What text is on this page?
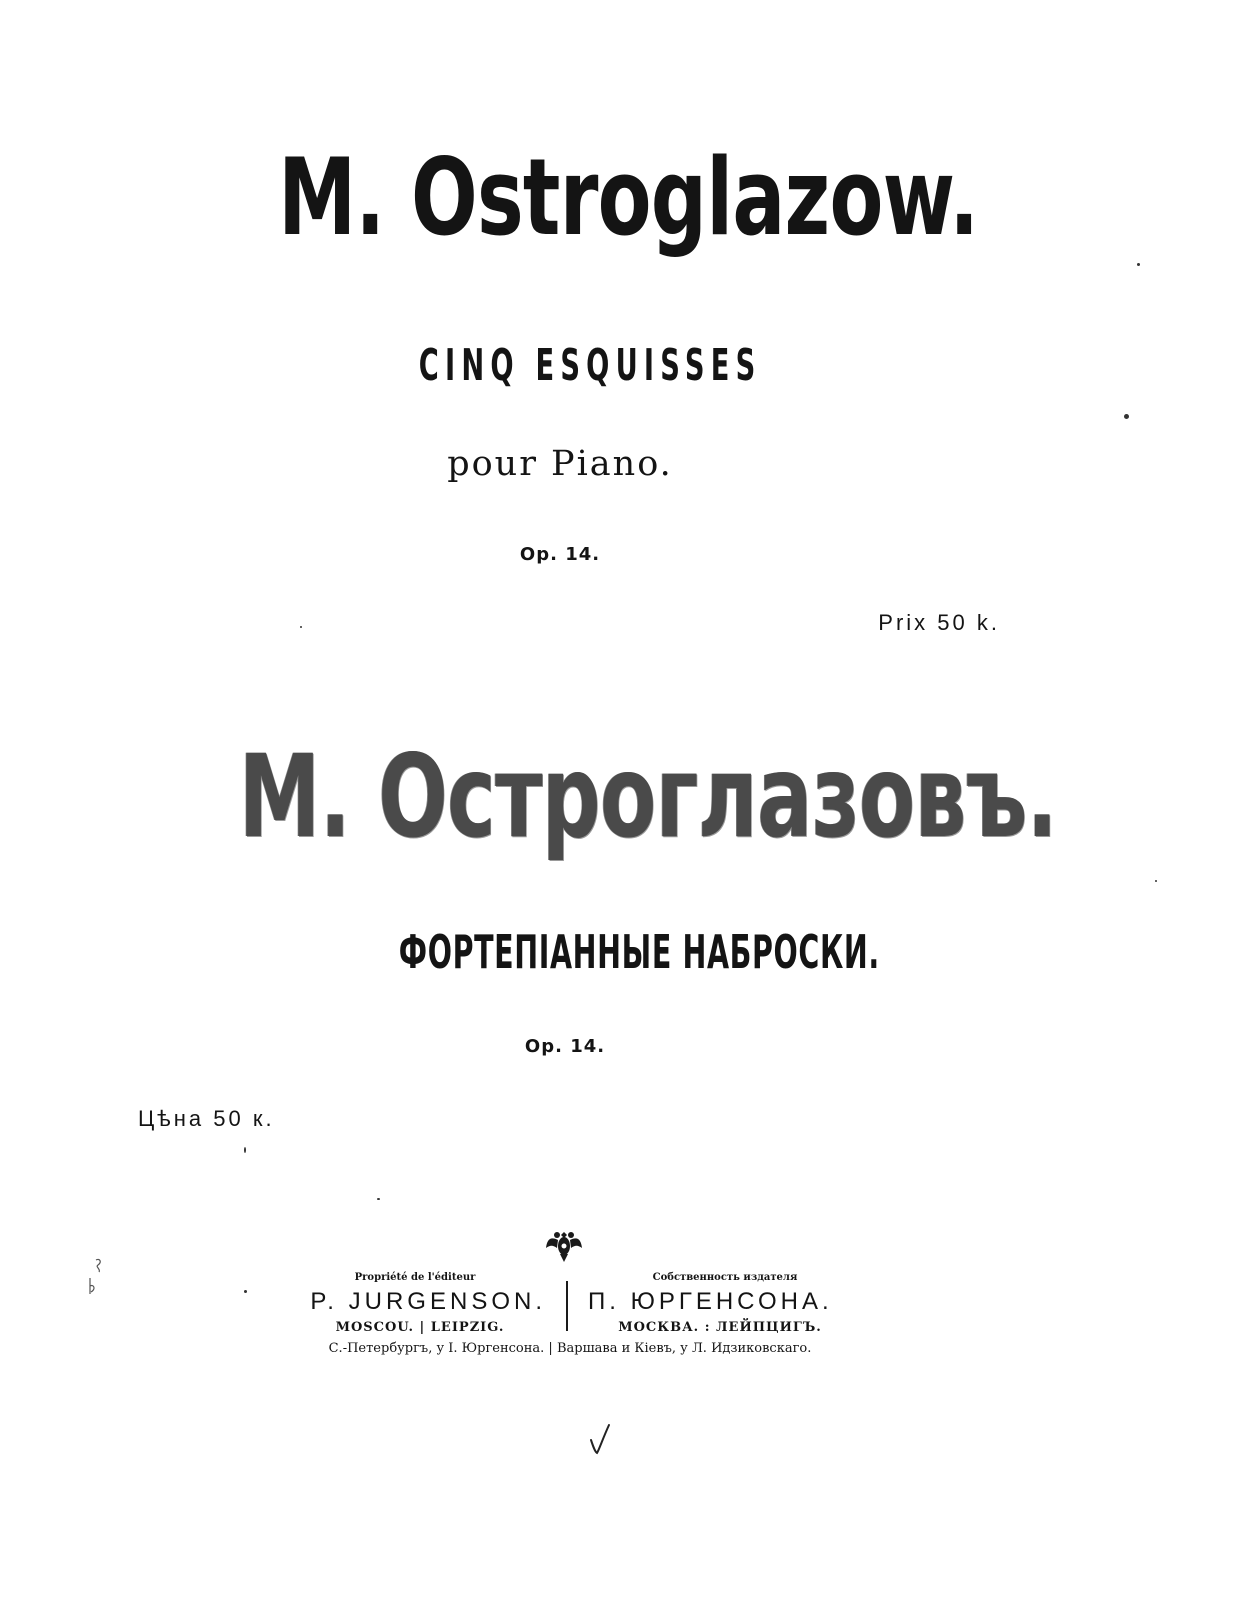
M. Ostroglazow.
CINQ ESQUISSES
pour Piano.
Op. 14.
Prix 50 k.
М. Остроглазовъ.
ФОРТЕПIАННЫЕ НАБРОСКИ.
Op. 14.
Цѣна 50 к.
Propriété de l'éditeur
P. JURGENSON.
MOSCOU. | LEIPZIG.
Собственность издателя
П. ЮРГЕНСОНА.
МОСКВА. : ЛЕЙПЦИГЪ.
С.-Петербургъ, у I. Юргенсона. | Варшава и Кіевъ, у Л. Идзиковскаго.
